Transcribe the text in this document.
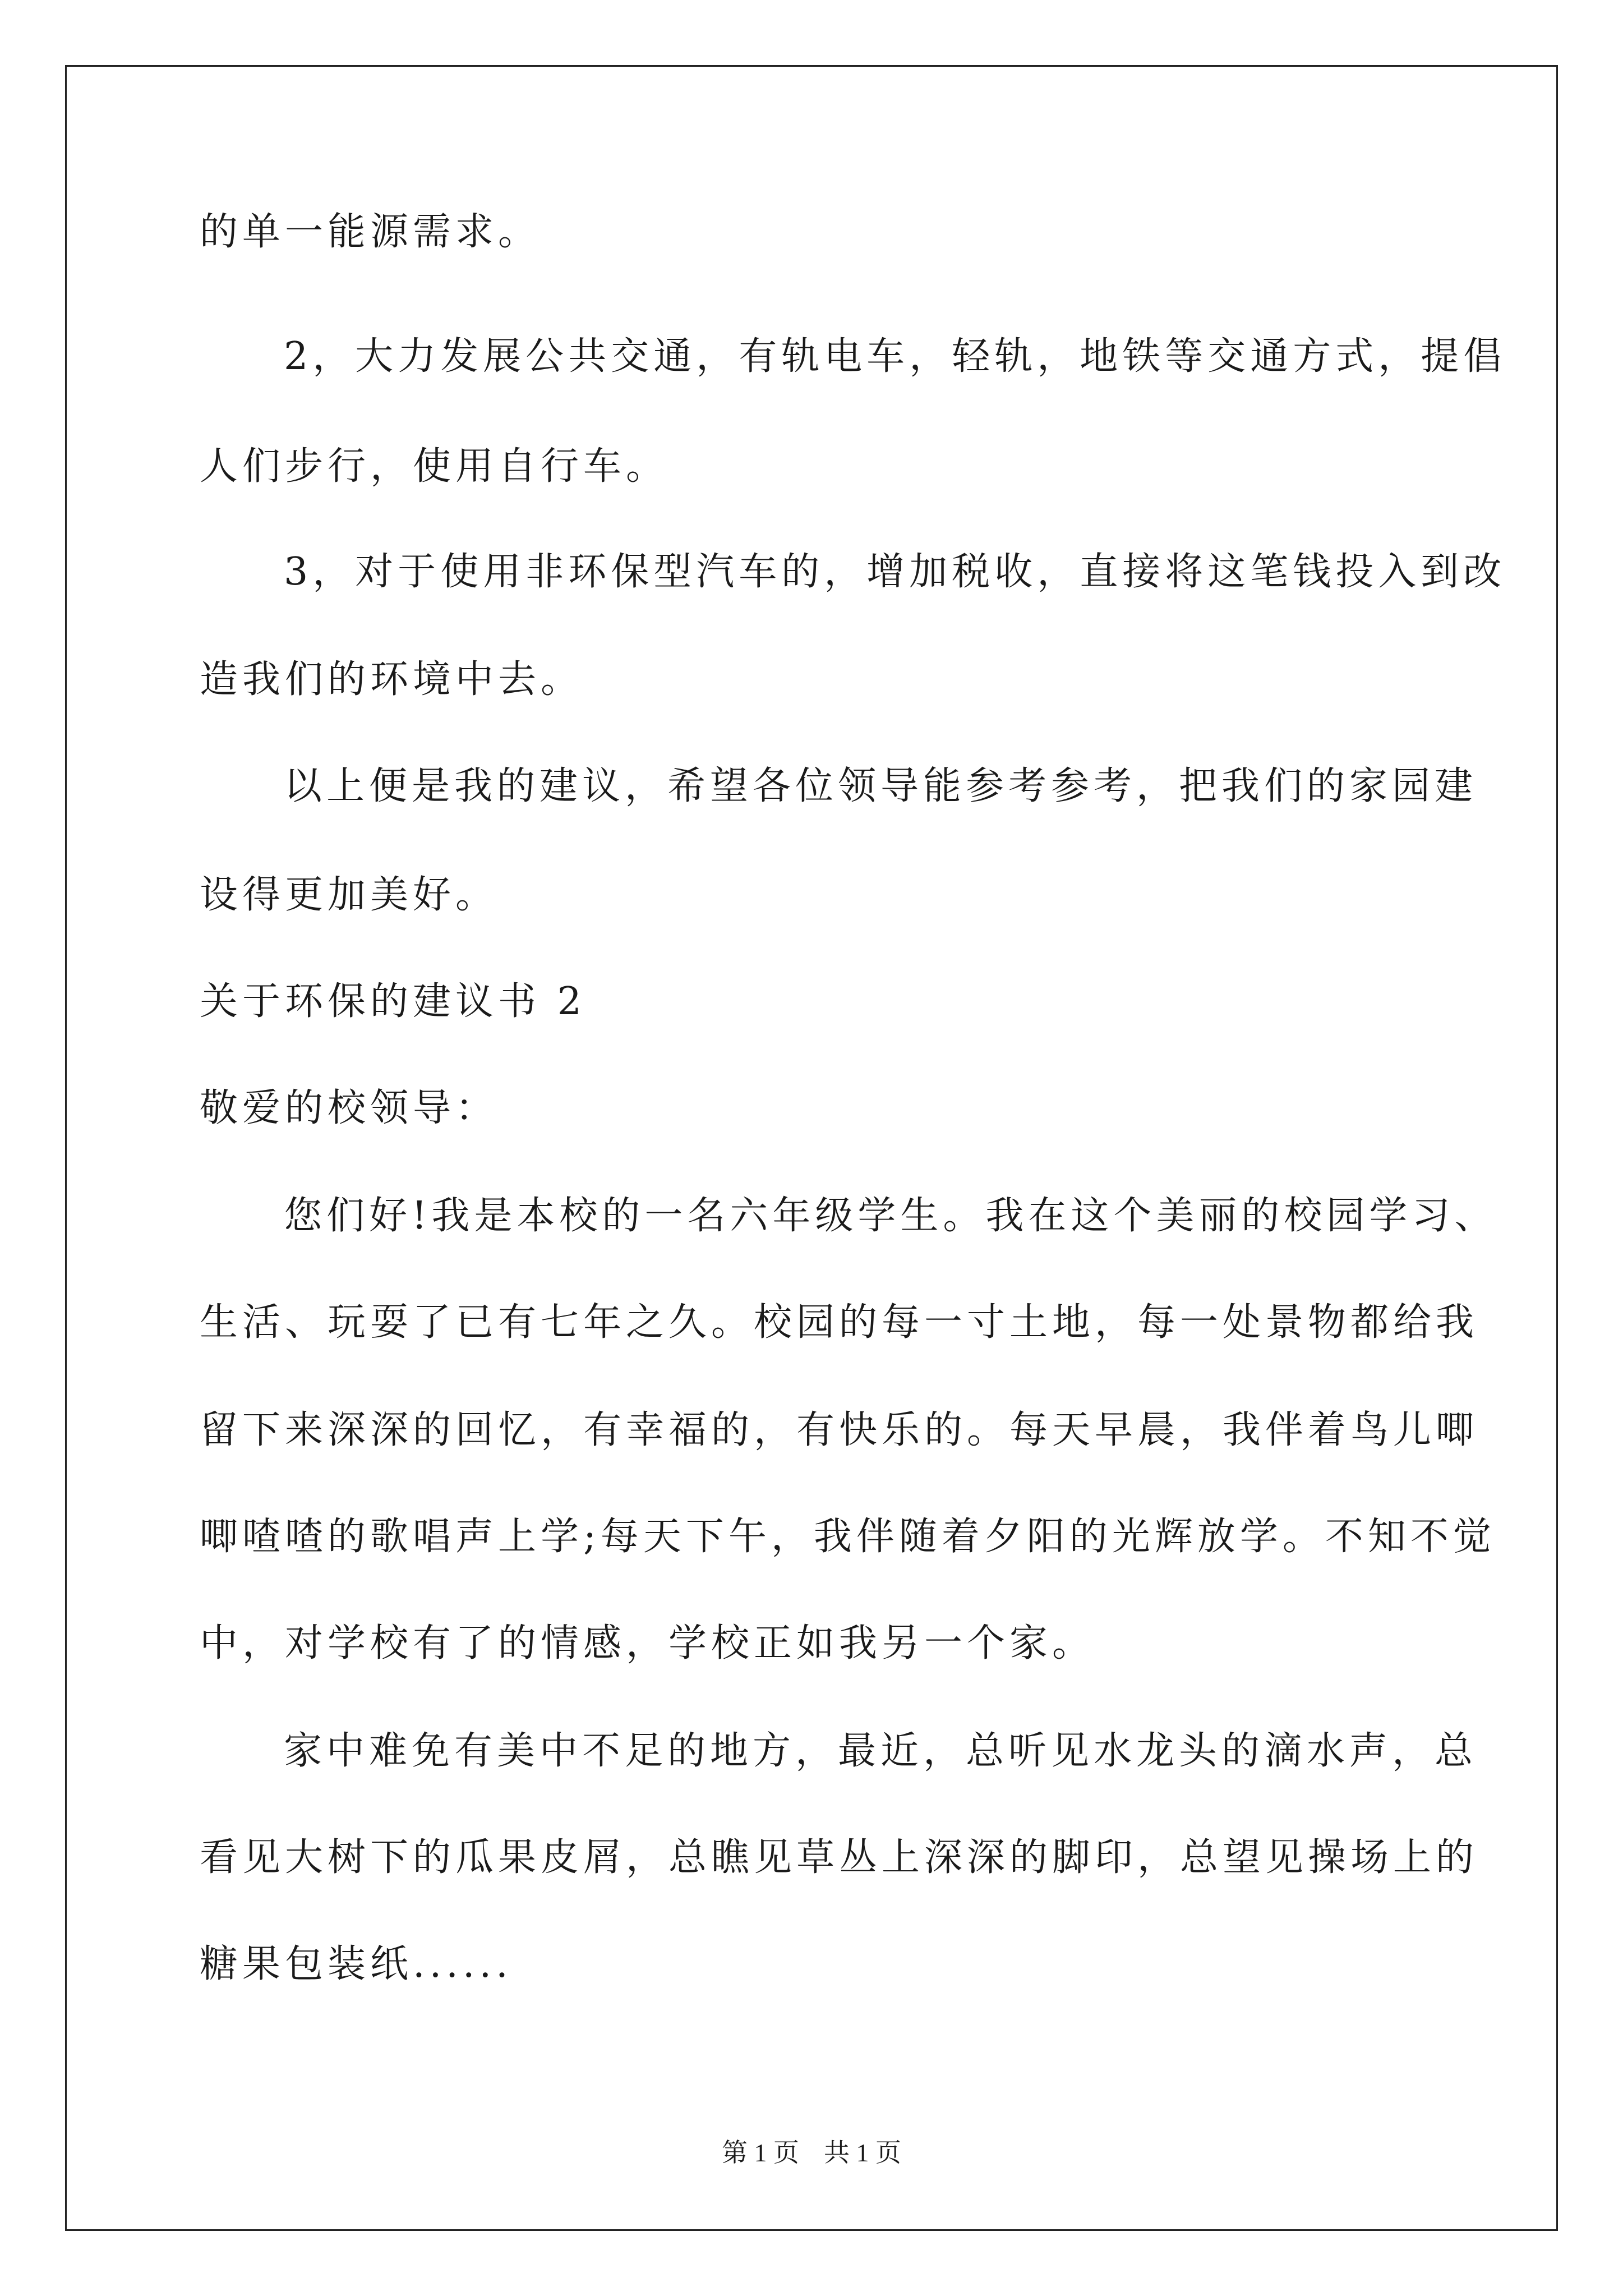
的单一能源需求。
2，大力发展公共交通，有轨电车，轻轨，地铁等交通方式，提倡
人们步行，使用自行车。
3，对于使用非环保型汽车的，增加税收，直接将这笔钱投入到改
造我们的环境中去。
以上便是我的建议，希望各位领导能参考参考，把我们的家园建
设得更加美好。
关于环保的建议书 2
敬爱的校领导：
您们好!我是本校的一名六年级学生。我在这个美丽的校园学习、
生活、玩耍了已有七年之久。校园的每一寸土地，每一处景物都给我
留下来深深的回忆，有幸福的，有快乐的。每天早晨，我伴着鸟儿唧
唧喳喳的歌唱声上学;每天下午，我伴随着夕阳的光辉放学。不知不觉
中，对学校有了的情感，学校正如我另一个家。
家中难免有美中不足的地方，最近，总听见水龙头的滴水声，总
看见大树下的瓜果皮屑，总瞧见草丛上深深的脚印，总望见操场上的
糖果包装纸......
第 1 页 共 1 页
